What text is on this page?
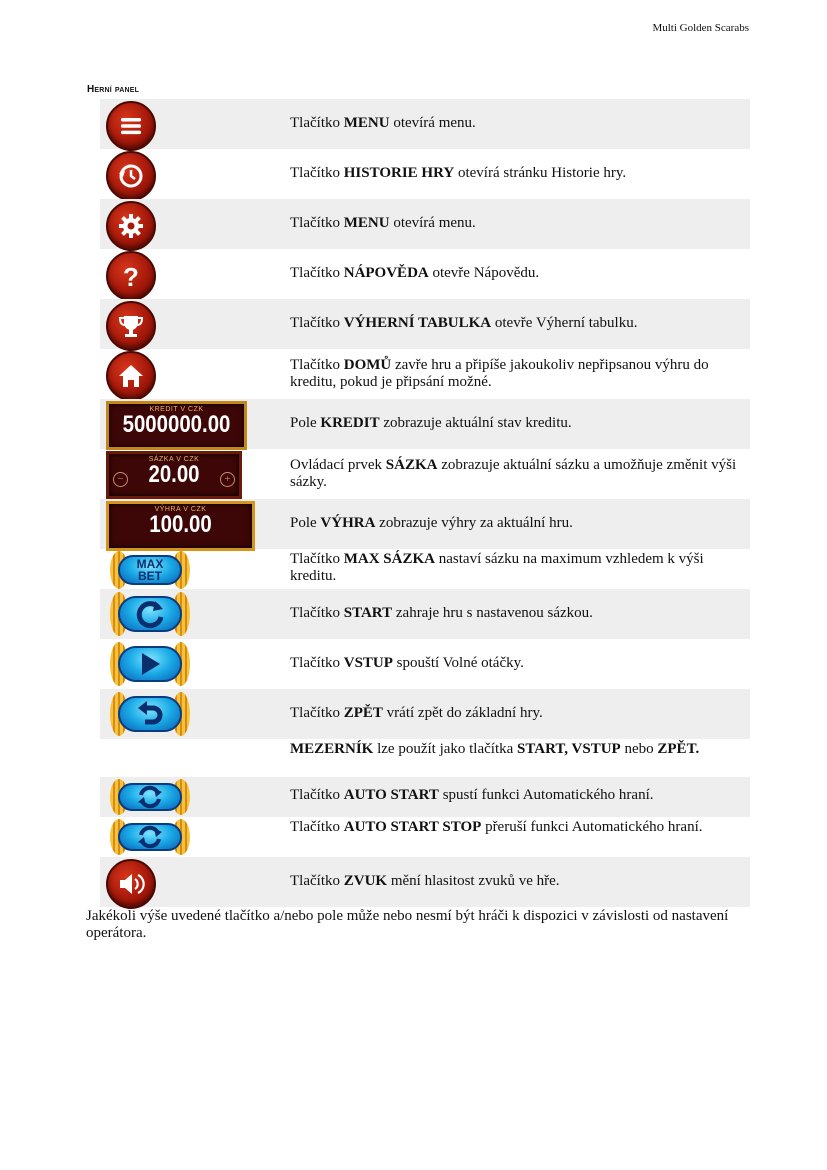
Multi Golden Scarabs
Herní panel
Tlačítko MENU otevírá menu.
Tlačítko HISTORIE HRY otevírá stránku Historie hry.
Tlačítko MENU otevírá menu.
?	Tlačítko NÁPOVĚDA otevře Nápovědu.
Tlačítko VÝHERNÍ TABULKA otevře Výherní tabulku.
Tlačítko DOMŮ zavře hru a připíše jakoukoliv nepřipsanou výhru do kreditu, pokud je připsání možné.
KREDIT V CZK
5000000.00	Pole KREDIT zobrazuje aktuální stav kreditu.
SÁZKA V CZK
20.00
−	+
Ovládací prvek SÁZKA zobrazuje aktuální sázku a umožňuje změnit výši sázky.
VÝHRA V CZK
100.00	Pole VÝHRA zobrazuje výhry za aktuální hru.
MAX
BET
Tlačítko MAX SÁZKA nastaví sázku na maximum vzhledem k výši kreditu.
Tlačítko START zahraje hru s nastavenou sázkou.
Tlačítko VSTUP spouští Volné otáčky.
Tlačítko ZPĚT vrátí zpět do základní hry.
MEZERNÍK lze použít jako tlačítka START, VSTUP nebo ZPĚT.
Tlačítko AUTO START spustí funkci Automatického hraní.
Tlačítko AUTO START STOP přeruší funkci Automatického hraní.
Tlačítko ZVUK mění hlasitost zvuků ve hře.
Jakékoli výše uvedené tlačítko a/nebo pole může nebo nesmí být hráči k dispozici v závislosti od nastavení operátora.
